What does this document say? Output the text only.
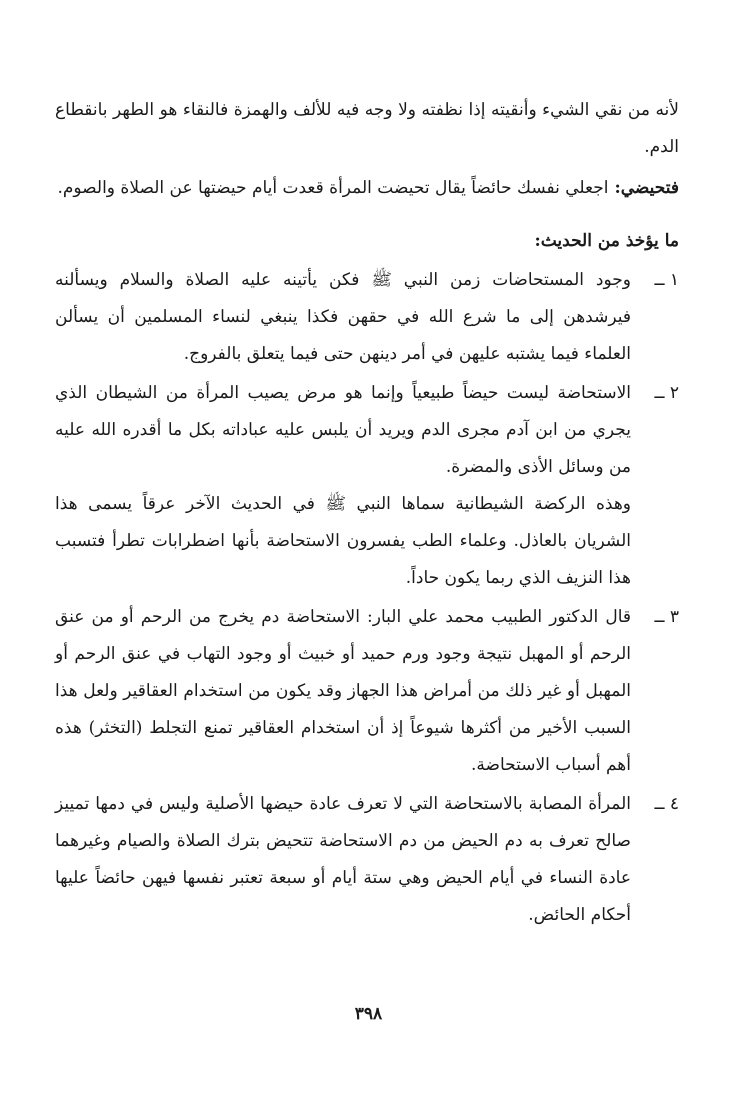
لأنه من نقي الشيء وأنقيته إذا نظفته ولا وجه فيه للألف والهمزة فالنقاء هو الطهر بانقطاع الدم.

فتحيضي:اجعلي نفسك حائضاً يقال تحيضت المرأة قعدت أيام حيضتها عن الصلاة والصوم.

ما يؤخذ من الحديث:

١ ــ

وجود المستحاضات زمن النبي ﷺ فكن يأتينه عليه الصلاة والسلام ويسألنه فيرشدهن إلى ما شرع الله في حقهن فكذا ينبغي لنساء المسلمين أن يسألن العلماء فيما يشتبه عليهن في أمر دينهن حتى فيما يتعلق بالفروج.

٢ ــ

الاستحاضة ليست حيضاً طبيعياً وإنما هو مرض يصيب المرأة من الشيطان الذي يجري من ابن آدم مجرى الدم ويريد أن يلبس عليه عباداته بكل ما أقدره الله عليه من وسائل الأذى والمضرة.

وهذه الركضة الشيطانية سماها النبي ﷺ في الحديث الآخر عرقاً يسمى هذا الشريان بالعاذل. وعلماء الطب يفسرون الاستحاضة بأنها اضطرابات تطرأ فتسبب هذا النزيف الذي ربما يكون حاداً.

٣ ــ

قال الدكتور الطبيب محمد علي البار: الاستحاضة دم يخرج من الرحم أو من عنق الرحم أو المهبل نتيجة وجود ورم حميد أو خبيث أو وجود التهاب في عنق الرحم أو المهبل أو غير ذلك من أمراض هذا الجهاز وقد يكون من استخدام العقاقير ولعل هذا السبب الأخير من أكثرها شيوعاً إذ أن استخدام العقاقير تمنع التجلط (التخثر) هذه أهم أسباب الاستحاضة.

٤ ــ

المرأة المصابة بالاستحاضة التي لا تعرف عادة حيضها الأصلية وليس في دمها تمييز صالح تعرف به دم الحيض من دم الاستحاضة تتحيض بترك الصلاة والصيام وغيرهما عادة النساء في أيام الحيض وهي ستة أيام أو سبعة تعتبر نفسها فيهن حائضاً عليها أحكام الحائض.

٣٩٨
